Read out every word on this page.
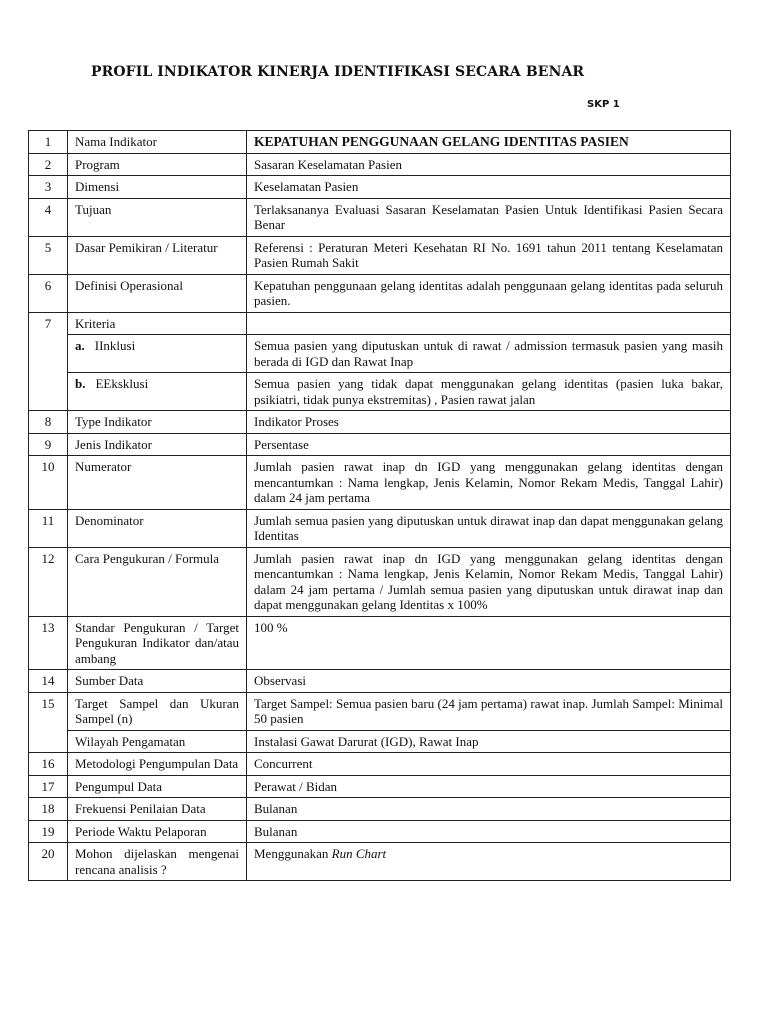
PROFIL INDIKATOR KINERJA IDENTIFIKASI SECARA BENAR
SKP 1
1	Nama Indikator	KEPATUHAN PENGGUNAAN GELANG IDENTITAS PASIEN
2	Program	Sasaran Keselamatan Pasien
3	Dimensi	Keselamatan Pasien
4	Tujuan	Terlaksananya Evaluasi Sasaran Keselamatan Pasien Untuk Identifikasi Pasien Secara Benar
5	Dasar Pemikiran / Literatur	Referensi : Peraturan Meteri Kesehatan RI No. 1691 tahun 2011 tentang Keselamatan Pasien Rumah Sakit
6	Definisi Operasional	Kepatuhan penggunaan gelang identitas adalah penggunaan gelang identitas pada seluruh pasien.
7	Kriteria	
	a. IInklusi	Semua pasien yang diputuskan untuk di rawat / admission termasuk pasien yang masih berada di IGD dan Rawat Inap
	b. EEksklusi	Semua pasien yang tidak dapat menggunakan gelang identitas (pasien luka bakar, psikiatri, tidak punya ekstremitas) , Pasien rawat jalan
8	Type Indikator	Indikator Proses
9	Jenis Indikator	Persentase
10	Numerator	Jumlah pasien rawat inap dn IGD yang menggunakan gelang identitas dengan mencantumkan : Nama lengkap, Jenis Kelamin, Nomor Rekam Medis, Tanggal Lahir) dalam 24 jam pertama
11	Denominator	Jumlah semua pasien yang diputuskan untuk dirawat inap dan dapat menggunakan gelang Identitas
12	Cara Pengukuran / Formula	Jumlah pasien rawat inap dn IGD yang menggunakan gelang identitas dengan mencantumkan : Nama lengkap, Jenis Kelamin, Nomor Rekam Medis, Tanggal Lahir) dalam 24 jam pertama / Jumlah semua pasien yang diputuskan untuk dirawat inap dan dapat menggunakan gelang Identitas x 100%
13	Standar Pengukuran / Target Pengukuran Indikator dan/atau ambang	100 %
14	Sumber Data	Observasi
15	Target Sampel dan Ukuran Sampel (n)	Target Sampel: Semua pasien baru (24 jam pertama) rawat inap. Jumlah Sampel: Minimal 50 pasien
	Wilayah Pengamatan	Instalasi Gawat Darurat (IGD), Rawat Inap
16	Metodologi Pengumpulan Data	Concurrent
17	Pengumpul Data	Perawat / Bidan
18	Frekuensi Penilaian Data	Bulanan
19	Periode Waktu Pelaporan	Bulanan
20	Mohon dijelaskan mengenai rencana analisis ?	Menggunakan Run Chart
